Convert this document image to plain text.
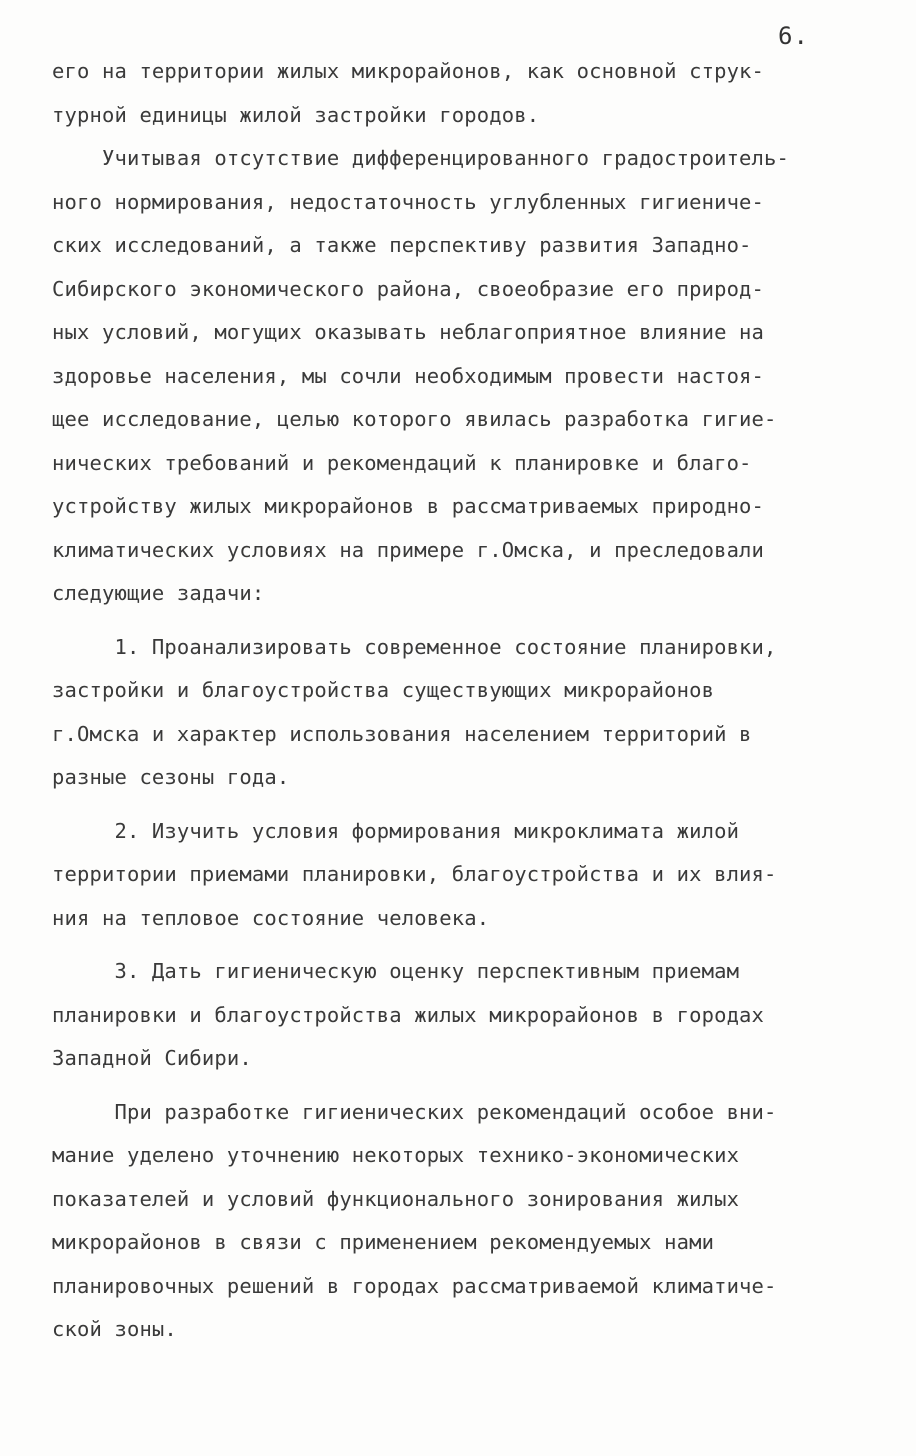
6.
его на территории жилых микрорайонов, как основной струк-
турной единицы жилой застройки городов.
Учитывая отсутствие дифференцированного градостроитель-
ного нормирования, недостаточность углубленных гигиениче-
ских исследований, а также перспективу развития Западно-
Сибирского экономического района, своеобразие его природ-
ных условий, могущих оказывать неблагоприятное влияние на
здоровье населения, мы сочли необходимым провести настоя-
щее исследование, целью которого явилась разработка гигие-
нических требований и рекомендаций к планировке и благо-
устройству жилых микрорайонов в рассматриваемых природно-
климатических условиях на примере г.Омска, и преследовали
следующие задачи:
1. Проанализировать современное состояние планировки,
застройки и благоустройства существующих микрорайонов
г.Омска и характер использования населением территорий в
разные сезоны года.
2. Изучить условия формирования микроклимата жилой
территории приемами планировки, благоустройства и их влия-
ния на тепловое состояние человека.
3. Дать гигиеническую оценку перспективным приемам
планировки и благоустройства жилых микрорайонов в городах
Западной Сибири.
При разработке гигиенических рекомендаций особое вни-
мание уделено уточнению некоторых технико-экономических
показателей и условий функционального зонирования жилых
микрорайонов в связи с применением рекомендуемых нами
планировочных решений в городах рассматриваемой климатиче-
ской зоны.
